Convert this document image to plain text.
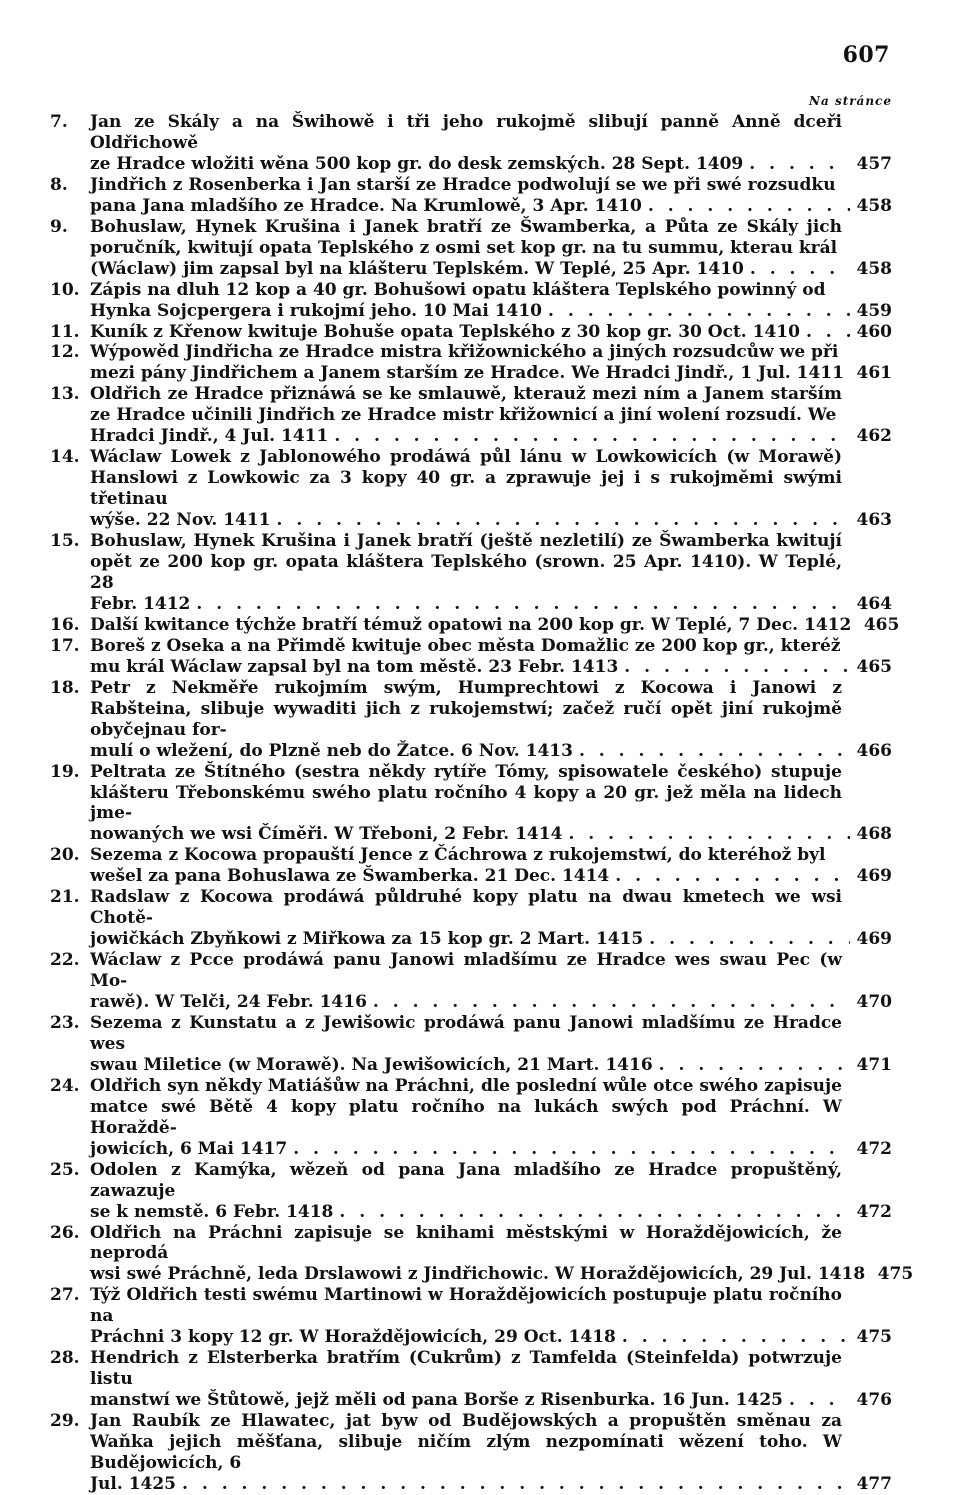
607
Na stránce
7.	Jan ze Skály a na Šwihowě i tři jeho rukojmě slibují panně Anně dceři Oldřichowě
ze Hradce wložiti wěna 500 kop gr. do desk zemských. 28 Sept. 1409 . . .	457
8.	Jindřich z Rosenberka i Jan starší ze Hradce podwolují se we při swé rozsudku
pana Jana mladšího ze Hradce. Na Krumlowě, 3 Apr. 1410 . . .	458
9.	Bohuslaw, Hynek Krušina i Janek bratří ze Šwamberka, a Půta ze Skály jich poručník, kwitují opata Teplského z osmi set kop gr. na tu summu, kterau král
(Wáclaw) jim zapsal byl na klášteru Teplském. W Teplé, 25 Apr. 1410 . . .	458
10. Zápis na dluh 12 kop a 40 gr. Bohušowi opatu kláštera Teplského powinný od
Hynka Sojcpergera i rukojmí jeho. 10 Mai 1410 . . .	459
11. Kuník z Křenow kwituje Bohuše opata Teplského z 30 kop gr. 30 Oct. 1410 . . .	460
12. Wýpowěd Jindřicha ze Hradce mistra křižownického a jiných rozsudcůw we při
mezi pány Jindřichem a Janem starším ze Hradce. We Hradci Jindř., 1 Jul. 1411 . . . 461
13. Oldřich ze Hradce přiznáwá se ke smlauwě, kterauž mezi ním a Janem starším ze Hradce učinili Jindřich ze Hradce mistr křižownicí a jiní wolení rozsudí. We
Hradci Jindř., 4 Jul. 1411 . . .	462
14. Wáclaw Lowek z Jablonowého prodáwá půl lánu w Lowkowicích (w Morawě) Hanslowi z Lowkowic za 3 kopy 40 gr. a zprawuje jej i s rukojměmi swými třetinau
wýše. 22 Nov. 1411 . . .	463
15. Bohuslaw, Hynek Krušina i Janek bratří (ještě nezletilí) ze Šwamberka kwitují opět ze 200 kop gr. opata kláštera Teplského (srown. 25 Apr. 1410). W Teplé, 28
Febr. 1412 . . .	464
16. Další kwitance týchže bratří témuž opatowi na 200 kop gr. W Teplé, 7 Dec. 1412 . . . 465
17. Boreš z Oseka a na Přimdě kwituje obec města Domažlic ze 200 kop gr., kteréž
mu král Wáclaw zapsal byl na tom městě. 23 Febr. 1413 . . .	465
18. Petr z Nekměře rukojmím swým, Humprechtowi z Kocowa i Janowi z Rabšteina, slibuje wywaditi jich z rukojemstwí; začež ručí opět jiní rukojmě obyčejnau for-
mulí o wležení, do Plzně neb do Žatce. 6 Nov. 1413 . . .	466
19. Peltrata ze Štítného (sestra někdy rytíře Tómy, spisowatele českého) stupuje klášteru Třebonskému swého platu ročního 4 kopy a 20 gr. jež měla na lidech jme-
nowaných we wsi Číměři. W Třeboni, 2 Febr. 1414 . . .	468
20. Sezema z Kocowa propauští Jence z Čáchrowa z rukojemstwí, do kteréhož byl
wešel za pana Bohuslawa ze Šwamberka. 21 Dec. 1414 . . .	469
21. Radslaw z Kocowa prodáwá půldruhé kopy platu na dwau kmetech we wsi Chotě-
jowičkách Zbyňkowi z Miřkowa za 15 kop gr. 2 Mart. 1415 . . .	469
22. Wáclaw z Pcce prodáwá panu Janowi mladšímu ze Hradce wes swau Pec (w Mo-
rawě). W Telči, 24 Febr. 1416 . . .	470
23. Sezema z Kunstatu a z Jewišowic prodáwá panu Janowi mladšímu ze Hradce wes
swau Miletice (w Morawě). Na Jewišowicích, 21 Mart. 1416 . . .	471
24. Oldřich syn někdy Matiášůw na Práchni, dle poslední wůle otce swého zapisuje matce swé Bětě 4 kopy platu ročního na lukách swých pod Práchní. W Horaždě-
jowicích, 6 Mai 1417 . . .	472
25. Odolen z Kamýka, wězeň od pana Jana mladšího ze Hradce propuštěný, zawazuje
se k nemstě. 6 Febr. 1418 . . .	472
26. Oldřich na Práchni zapisuje se knihami městskými w Horaždějowicích, že neprodá
wsi swé Práchně, leda Drslawowi z Jindřichowic. W Horaždějowicích, 29 Jul. 1418 . . . 475
27. Týž Oldřich testi swému Martinowi w Horaždějowicích postupuje platu ročního na
Práchni 3 kopy 12 gr. W Horaždějowicích, 29 Oct. 1418 . . .	475
28. Hendrich z Elsterberka bratřím (Cukrům) z Tamfelda (Steinfelda) potwrzuje listu
manstwí we Štůtowě, jejž měli od pana Borše z Risenburka. 16 Jun. 1425 . . .	476
29. Jan Raubík ze Hlawatec, jat byw od Budějowských a propuštěn směnau za Waňka jejich měšťana, slibuje ničím zlým nezpomínati wězení toho. W Budějowicích, 6
Jul. 1425 . . .	477
